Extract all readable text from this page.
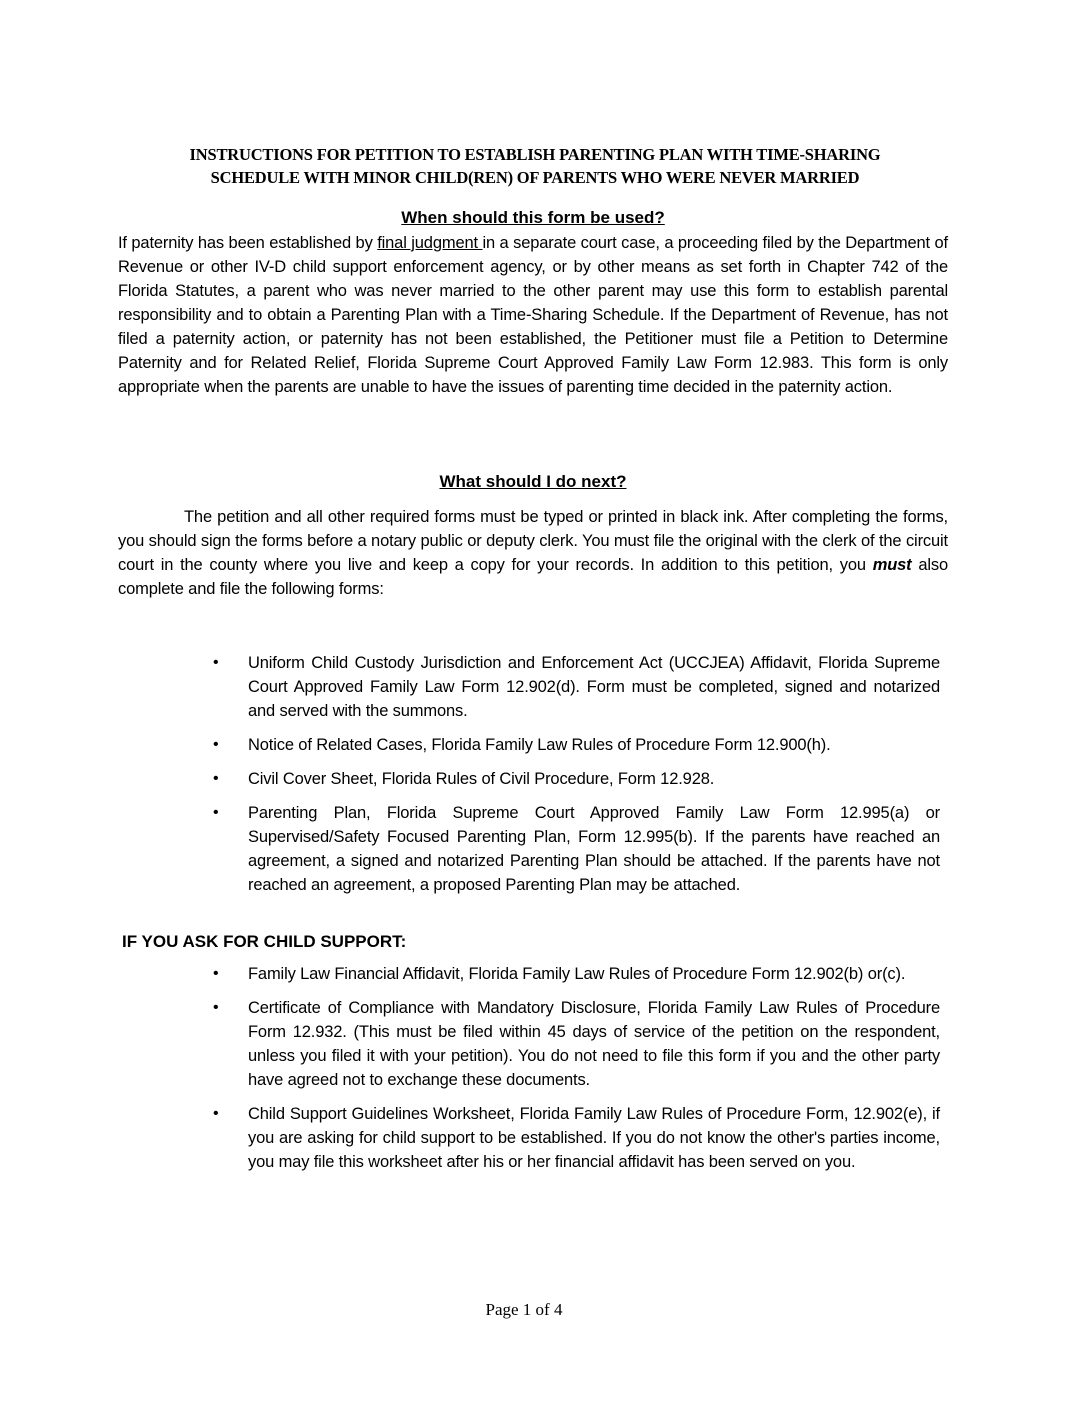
INSTRUCTIONS FOR PETITION TO ESTABLISH PARENTING PLAN WITH TIME-SHARING
SCHEDULE WITH MINOR CHILD(REN) OF PARENTS WHO WERE NEVER MARRIED
When should this form be used?
If paternity has been established by final judgment in a separate court case, a proceeding filed by the Department of Revenue or other IV-D child support enforcement agency, or by other means as set forth in Chapter 742 of the Florida Statutes, a parent who was never married to the other parent may use this form to establish parental responsibility and to obtain a Parenting Plan with a Time-Sharing Schedule. If the Department of Revenue, has not filed a paternity action, or paternity has not been established, the Petitioner must file a Petition to Determine Paternity and for Related Relief, Florida Supreme Court Approved Family Law Form 12.983. This form is only appropriate when the parents are unable to have the issues of parenting time decided in the paternity action.
What should I do next?
The petition and all other required forms must be typed or printed in black ink. After completing the forms, you should sign the forms before a notary public or deputy clerk. You must file the original with the clerk of the circuit court in the county where you live and keep a copy for your records. In addition to this petition, you must also complete and file the following forms:
• Uniform Child Custody Jurisdiction and Enforcement Act (UCCJEA) Affidavit, Florida Supreme Court Approved Family Law Form 12.902(d). Form must be completed, signed and notarized and served with the summons.
• Notice of Related Cases, Florida Family Law Rules of Procedure Form 12.900(h).
• Civil Cover Sheet, Florida Rules of Civil Procedure, Form 12.928.
• Parenting Plan, Florida Supreme Court Approved Family Law Form 12.995(a) or Supervised/Safety Focused Parenting Plan, Form 12.995(b). If the parents have reached an agreement, a signed and notarized Parenting Plan should be attached. If the parents have not reached an agreement, a proposed Parenting Plan may be attached.
IF YOU ASK FOR CHILD SUPPORT:
• Family Law Financial Affidavit, Florida Family Law Rules of Procedure Form 12.902(b) or(c).
• Certificate of Compliance with Mandatory Disclosure, Florida Family Law Rules of Procedure Form 12.932. (This must be filed within 45 days of service of the petition on the respondent, unless you filed it with your petition). You do not need to file this form if you and the other party have agreed not to exchange these documents.
• Child Support Guidelines Worksheet, Florida Family Law Rules of Procedure Form, 12.902(e), if you are asking for child support to be established. If you do not know the other's parties income, you may file this worksheet after his or her financial affidavit has been served on you.
Page 1 of 4
